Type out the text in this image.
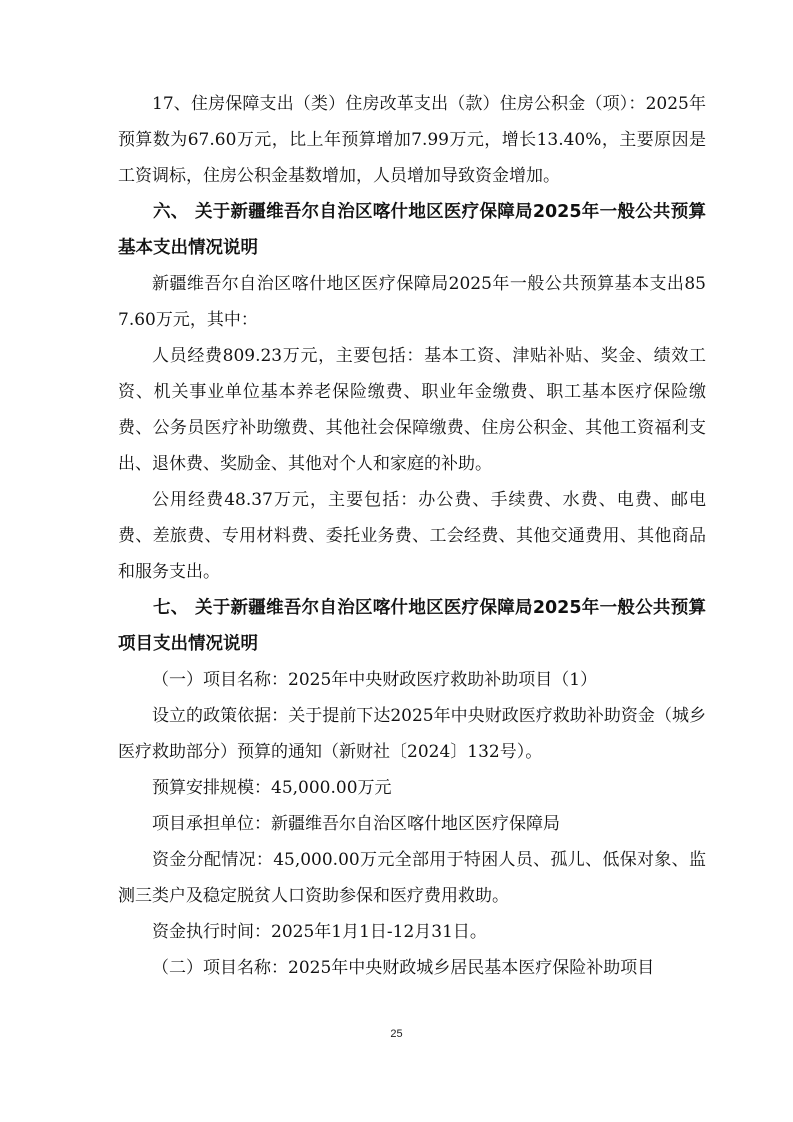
17、住房保障支出（类）住房改革支出（款）住房公积金（项）：2025年预算数为67.60万元，比上年预算增加7.99万元，增长13.40%，主要原因是工资调标，住房公积金基数增加，人员增加导致资金增加。

六、 关于新疆维吾尔自治区喀什地区医疗保障局2025年一般公共预算基本支出情况说明

新疆维吾尔自治区喀什地区医疗保障局2025年一般公共预算基本支出857.60万元，其中：

人员经费809.23万元，主要包括：基本工资、津贴补贴、奖金、绩效工资、机关事业单位基本养老保险缴费、职业年金缴费、职工基本医疗保险缴费、公务员医疗补助缴费、其他社会保障缴费、住房公积金、其他工资福利支出、退休费、奖励金、其他对个人和家庭的补助。

公用经费48.37万元，主要包括：办公费、手续费、水费、电费、邮电费、差旅费、专用材料费、委托业务费、工会经费、其他交通费用、其他商品和服务支出。

七、 关于新疆维吾尔自治区喀什地区医疗保障局2025年一般公共预算项目支出情况说明

（一）项目名称：2025年中央财政医疗救助补助项目（1）

设立的政策依据：关于提前下达2025年中央财政医疗救助补助资金（城乡医疗救助部分）预算的通知（新财社〔2024〕132号）。

预算安排规模：45,000.00万元

项目承担单位：新疆维吾尔自治区喀什地区医疗保障局

资金分配情况：45,000.00万元全部用于特困人员、孤儿、低保对象、监测三类户及稳定脱贫人口资助参保和医疗费用救助。

资金执行时间：2025年1月1日-12月31日。

（二）项目名称：2025年中央财政城乡居民基本医疗保险补助项目

25
